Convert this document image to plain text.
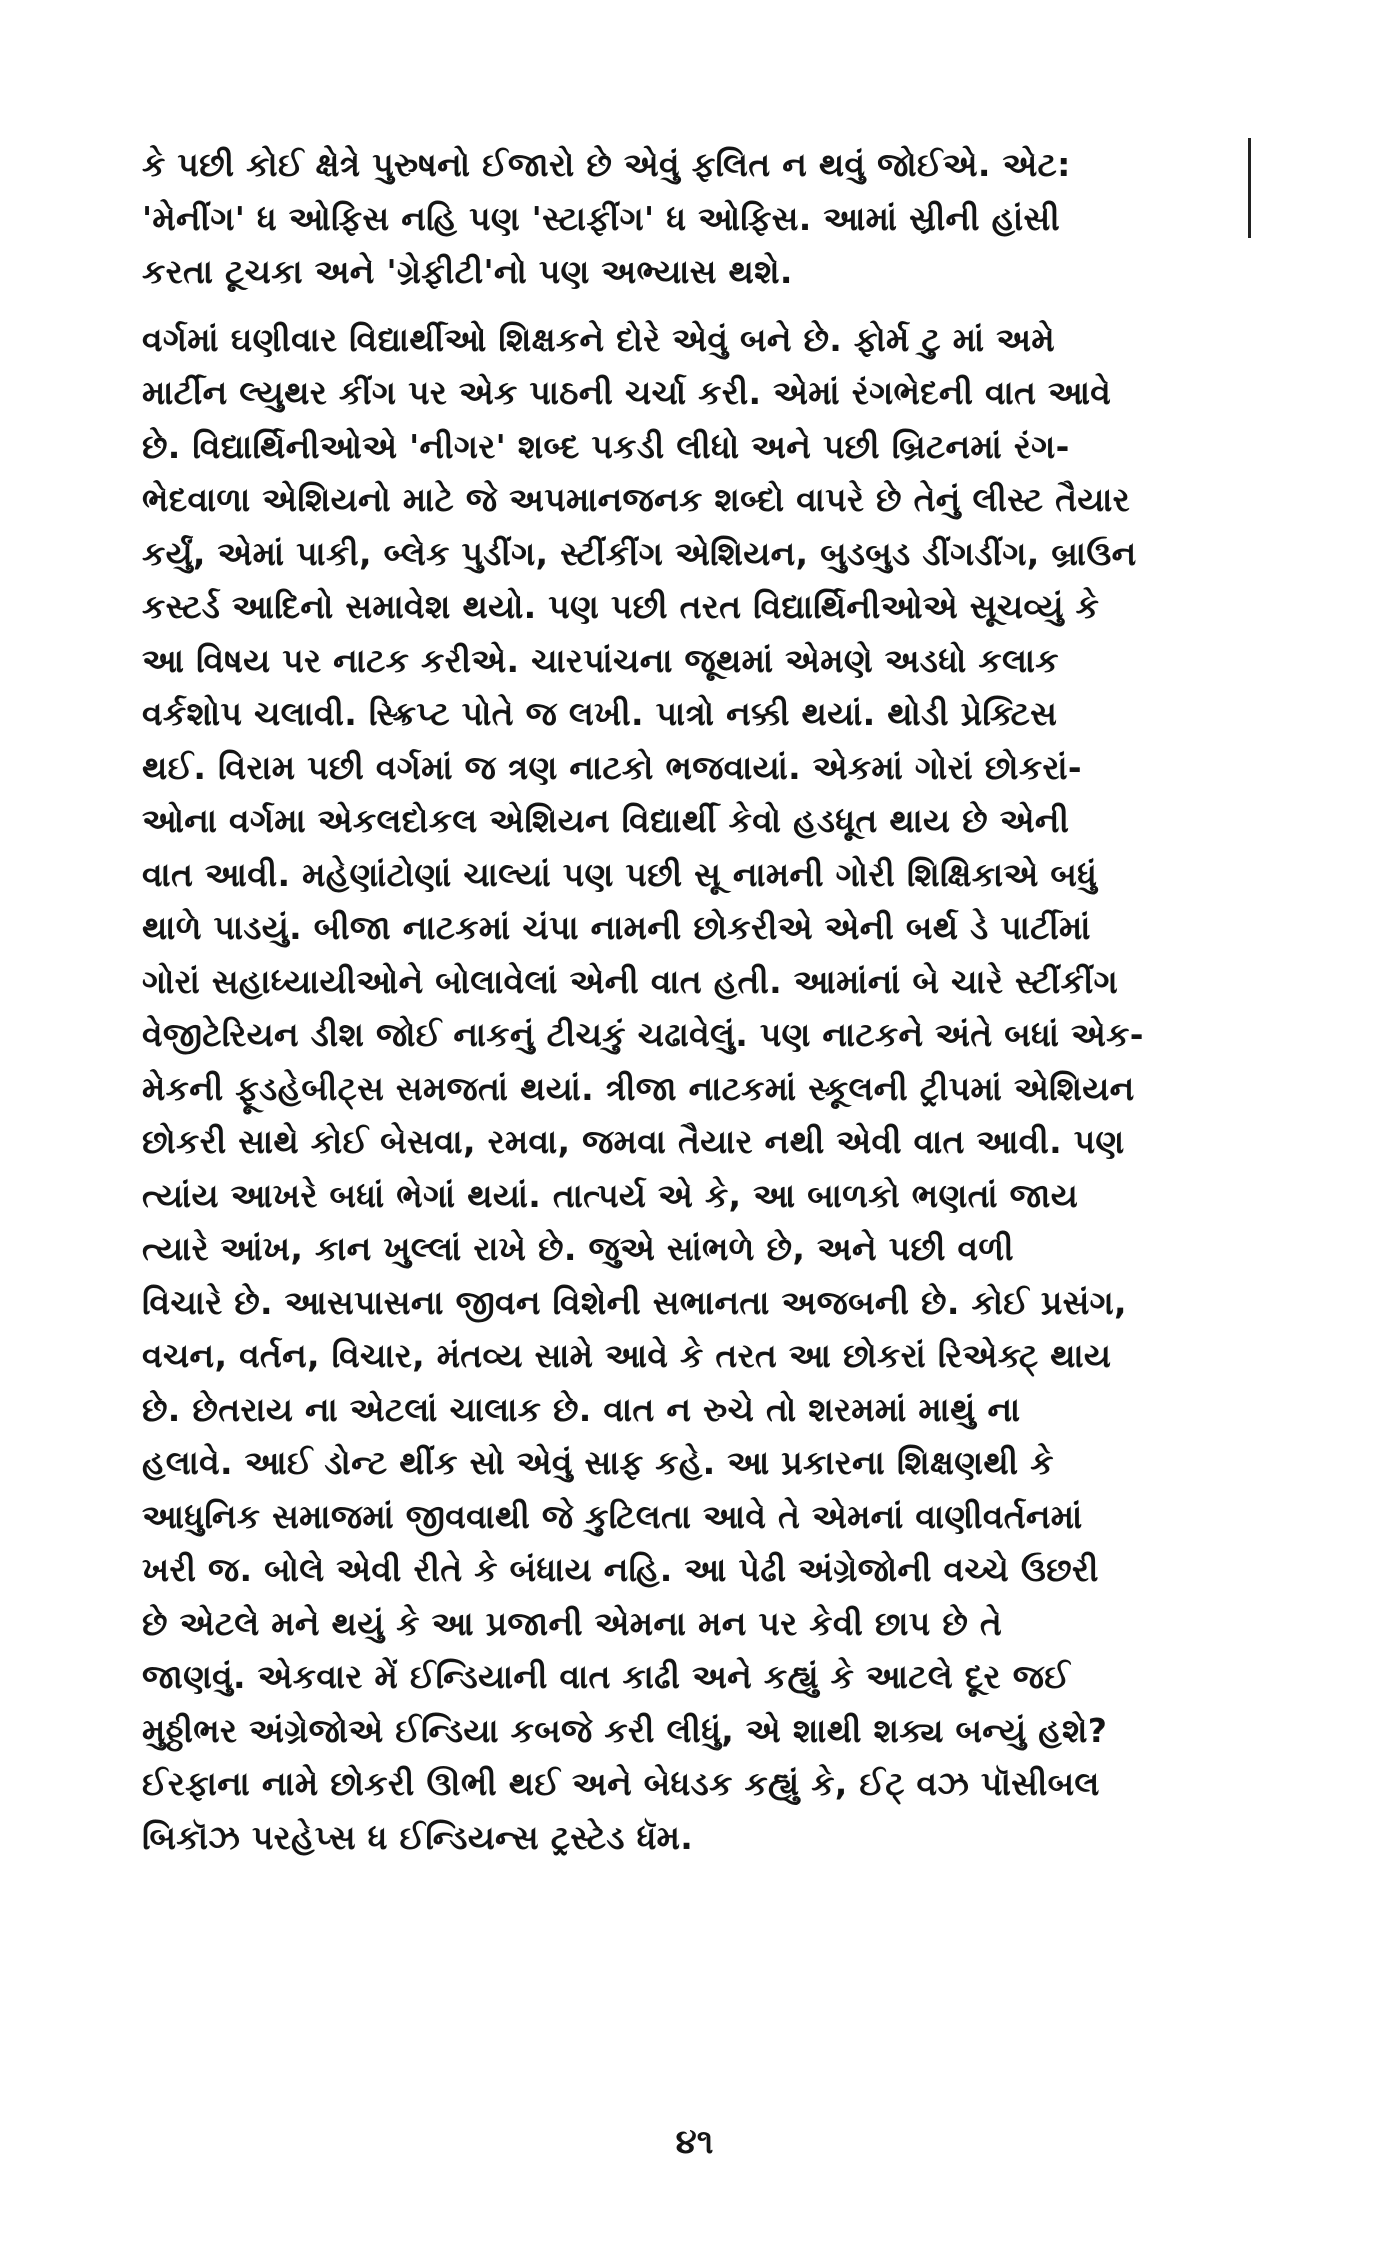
કે પછી કોઈ ક્ષેત્રે પુરુષનો ઈજારો છે એવું ફલિત ન થવું જોઈએ. એટ:
'મેનીંગ' ધ ઓફિસ નહિ પણ 'સ્ટાફીંગ' ધ ઓફિસ. આમાં સ્રીની હાંસી
કરતા ટૂચકા અને 'ગ્રેફીટી'નો પણ અભ્યાસ થશે.

વર્ગમાં ઘણીવાર વિદ્યાર્થીઓ શિક્ષકને દોરે એવું બને છે. ફોર્મ ટુ માં અમે
માર્ટીન લ્યુથર કીંગ પર એક પાઠની ચર્ચા કરી. એમાં રંગભેદની વાત આવે
છે. વિદ્યાર્થિનીઓએ 'નીગર' શબ્દ પકડી લીધો અને પછી બ્રિટનમાં રંગ-
ભેદવાળા એશિયનો માટે જે અપમાનજનક શબ્દો વાપરે છે તેનું લીસ્ટ તૈયાર
કર્યું, એમાં પાકી, બ્લેક પુડીંગ, સ્ટીંકીંગ એશિયન, બુડબુડ ડીંગડીંગ, બ્રાઉન
કસ્ટર્ડ આદિનો સમાવેશ થયો. પણ પછી તરત વિદ્યાર્થિનીઓએ સૂચવ્યું કે
આ વિષય પર નાટક કરીએ. ચારપાંચના જૂથમાં એમણે અડધો કલાક
વર્કશોપ ચલાવી. સ્ક્રિપ્ટ પોતે જ લખી. પાત્રો નક્કી થયાં. થોડી પ્રેક્ટિસ
થઈ. વિરામ પછી વર્ગમાં જ ત્રણ નાટકો ભજવાયાં. એકમાં ગોરાં છોકરાં-
ઓના વર્ગમા એકલદોકલ એશિયન વિદ્યાર્થી કેવો હડધૂત થાય છે એની
વાત આવી. મહેણાંટોણાં ચાલ્યાં પણ પછી સૂ નામની ગોરી શિક્ષિકાએ બધું
થાળે પાડયું. બીજા નાટકમાં ચંપા નામની છોકરીએ એની બર્થ ડે પાર્ટીમાં
ગોરાં સહાધ્યાયીઓને બોલાવેલાં એની વાત હતી. આમાંનાં બે ચારે સ્ટીંકીંગ
વેજીટેરિયન ડીશ જોઈ નાકનું ટીચકું ચઢાવેલું. પણ નાટકને અંતે બધાં એક-
મેકની ફૂડહેબીટ્સ સમજતાં થયાં. ત્રીજા નાટકમાં સ્કૂલની ટ્રીપમાં એશિયન
છોકરી સાથે કોઈ બેસવા, રમવા, જમવા તૈયાર નથી એવી વાત આવી. પણ
ત્યાંય આખરે બધાં ભેગાં થયાં. તાત્પર્ય એ કે, આ બાળકો ભણતાં જાય
ત્યારે આંખ, કાન ખુલ્લાં રાખે છે. જુએ સાંભળે છે, અને પછી વળી
વિચારે છે. આસપાસના જીવન વિશેની સભાનતા અજબની છે. કોઈ પ્રસંગ,
વચન, વર્તન, વિચાર, મંતવ્ય સામે આવે કે તરત આ છોકરાં રિએક્ટ્ થાય
છે. છેતરાય ના એટલાં ચાલાક છે. વાત ન રુચે તો શરમમાં માથું ના
હલાવે. આઈ ડોન્ટ થીંક સો એવું સાફ કહે. આ પ્રકારના શિક્ષણથી કે
આધુનિક સમાજમાં જીવવાથી જે કુટિલતા આવે તે એમનાં વાણીવર્તનમાં
ખરી જ. બોલે એવી રીતે કે બંધાય નહિ. આ પેઢી અંગ્રેજોની વચ્ચે ઉછરી
છે એટલે મને થયું કે આ પ્રજાની એમના મન પર કેવી છાપ છે તે
જાણવું. એકવાર મેં ઈન્ડિયાની વાત કાઢી અને કહ્યું કે આટલે દૂર જઈ
મુઠ્ઠીભર અંગ્રેજોએ ઈન્ડિયા કબજે કરી લીધું, એ શાથી શક્ય બન્યું હશે?
ઈરફાના નામે છોકરી ઊભી થઈ અને બેધડક કહ્યું કે, ઈટ્ વઝ પૉસીબલ
બિકૉઝ પરહેપ્સ ધ ઈન્ડિયન્સ ટ્રસ્ટેડ ધૅમ.

૪૧
